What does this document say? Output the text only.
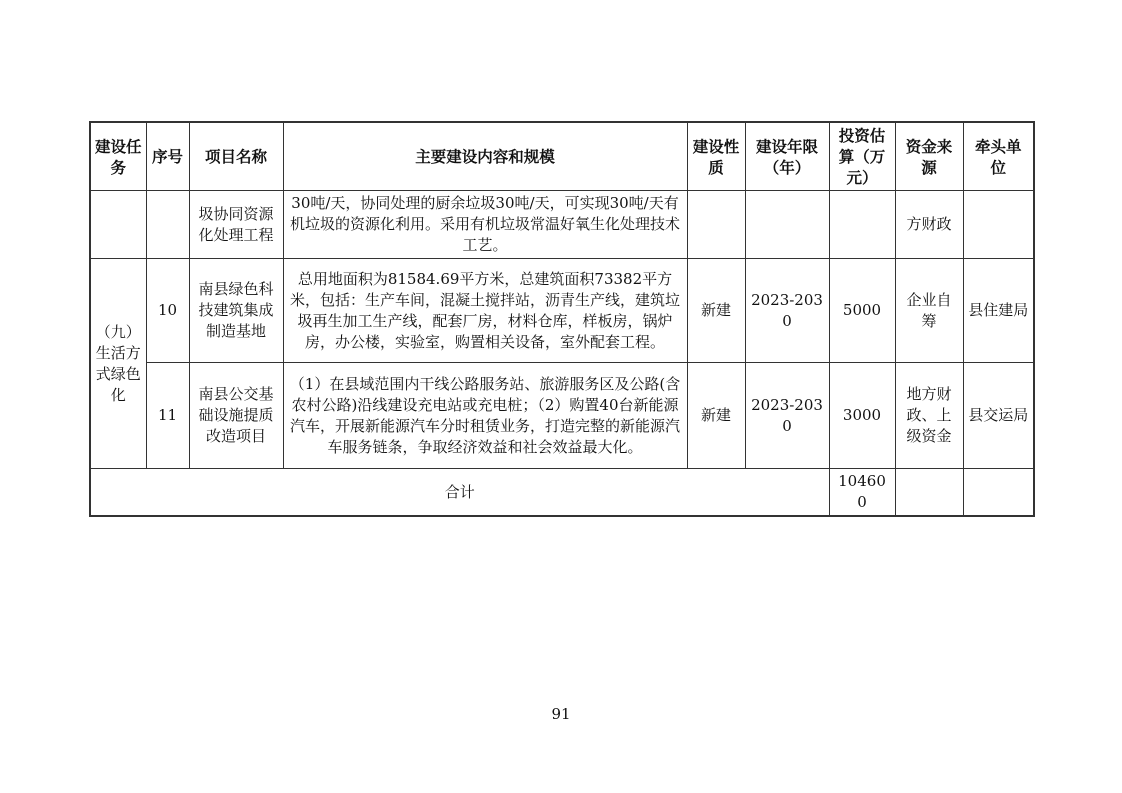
建设任务	序号	项目名称	主要建设内容和规模	建设性质	建设年限（年）	投资估算（万元）	资金来源	牵头单位
		圾协同资源化处理工程	30吨/天，协同处理的厨余垃圾30吨/天，可实现30吨/天有机垃圾的资源化利用。采用有机垃圾常温好氧生化处理技术工艺。				方财政	
（九）生活方式绿色化	10	南县绿色科技建筑集成制造基地	总用地面积为81584.69平方米，总建筑面积73382平方米，包括：生产车间，混凝土搅拌站，沥青生产线，建筑垃圾再生加工生产线，配套厂房，材料仓库，样板房，锅炉房，办公楼，实验室，购置相关设备，室外配套工程。	新建	2023-2030	5000	企业自筹	县住建局
	11	南县公交基础设施提质改造项目	（1）在县域范围内干线公路服务站、旅游服务区及公路(含农村公路)沿线建设充电站或充电桩；（2）购置40台新能源汽车，开展新能源汽车分时租赁业务，打造完整的新能源汽车服务链条，争取经济效益和社会效益最大化。	新建	2023-2030	3000	地方财政、上级资金	县交运局
合计						104600		
91
